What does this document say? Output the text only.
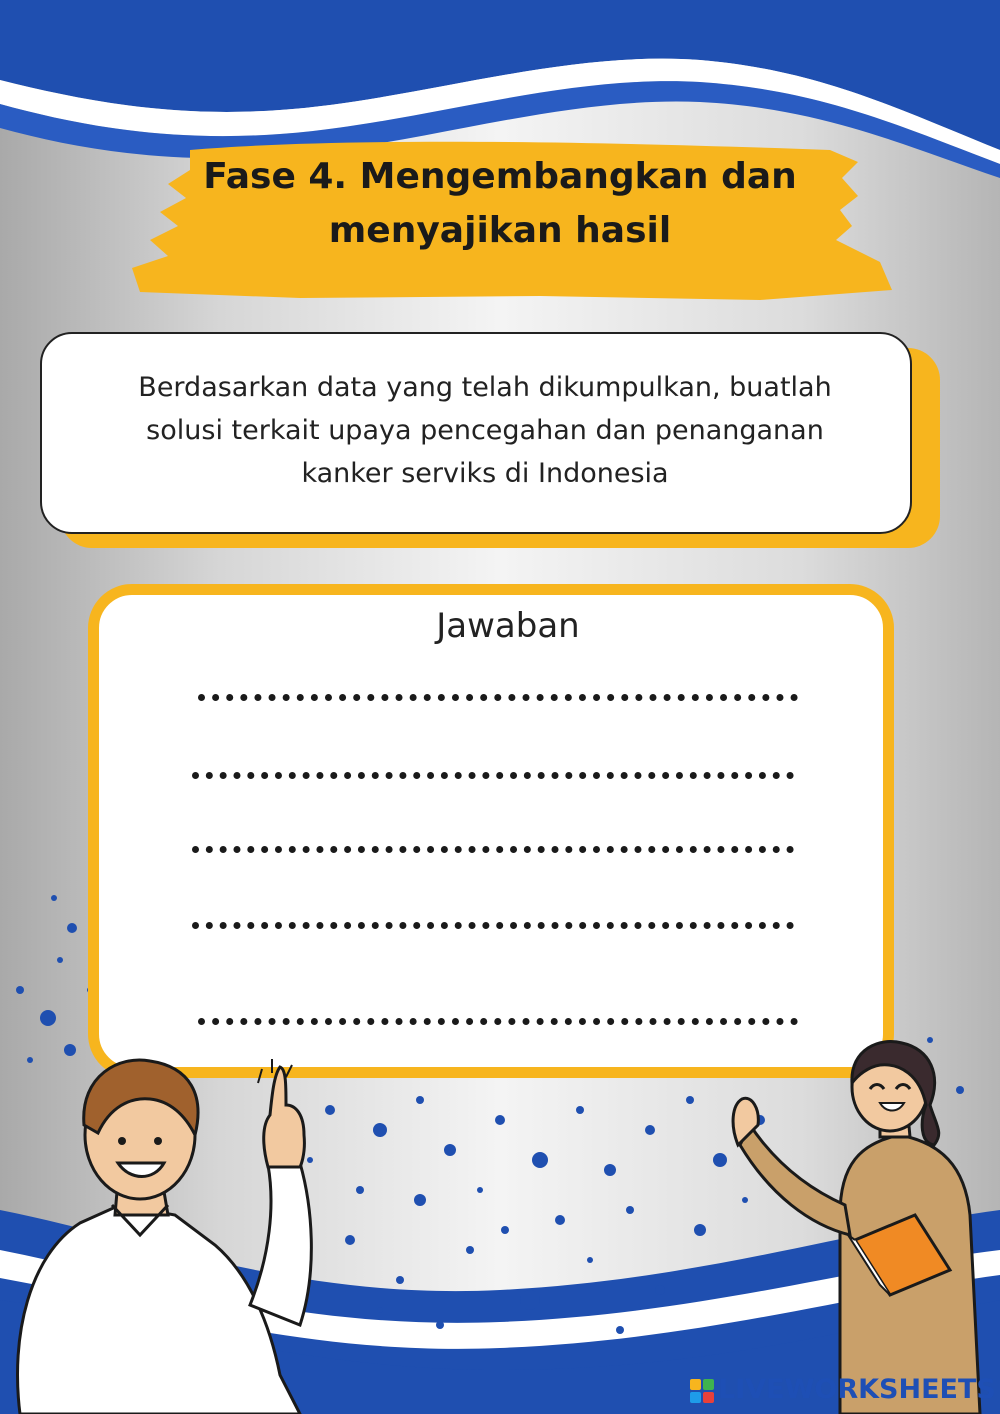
Fase 4. Mengembangkan dan
menyajikan hasil
Berdasarkan data yang telah dikumpulkan, buatlah
solusi terkait upaya pencegahan dan penanganan
kanker serviks di Indonesia
Jawaban
LIVEWORKSHEETS
